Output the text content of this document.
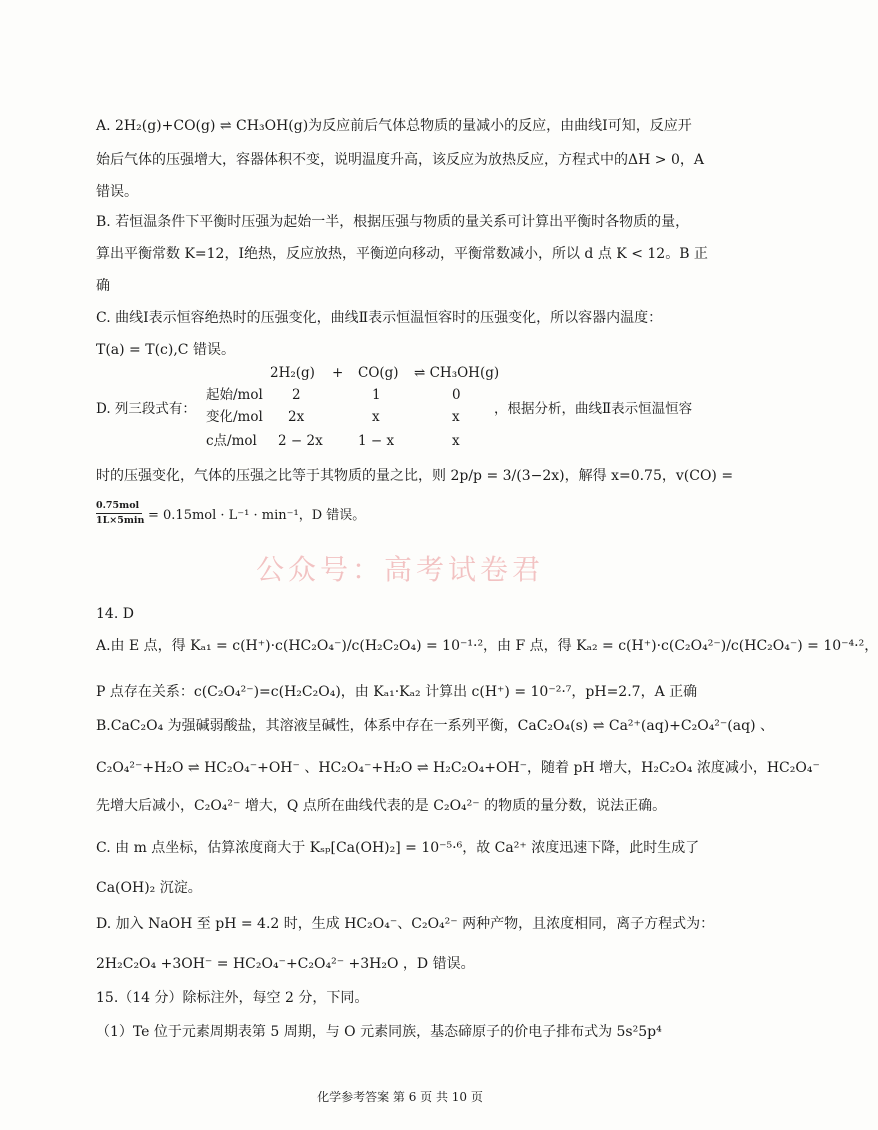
A. 2H₂(g)+CO(g) ⇌ CH₃OH(g)为反应前后气体总物质的量减小的反应，由曲线Ⅰ可知，反应开
始后气体的压强增大，容器体积不变，说明温度升高，该反应为放热反应，方程式中的ΔH > 0，A
错误。
B. 若恒温条件下平衡时压强为起始一半，根据压强与物质的量关系可计算出平衡时各物质的量，
算出平衡常数 K=12，Ⅰ绝热，反应放热，平衡逆向移动，平衡常数减小，所以 d 点 K < 12。B 正
确
C. 曲线Ⅰ表示恒容绝热时的压强变化，曲线Ⅱ表示恒温恒容时的压强变化，所以容器内温度：
T(a) = T(c),C 错误。
时的压强变化，气体的压强之比等于其物质的量之比，则 2p/p = 3/(3−2x)，解得 x=0.75，v(CO) =
14. D
A.由 E 点，得 Kₐ₁ = c(H⁺)·c(HC₂O₄⁻)/c(H₂C₂O₄) = 10⁻¹·²，由 F 点，得 Kₐ₂ = c(H⁺)·c(C₂O₄²⁻)/c(HC₂O₄⁻) = 10⁻⁴·²，
P 点存在关系：c(C₂O₄²⁻)=c(H₂C₂O₄)，由 Kₐ₁·Kₐ₂ 计算出 c(H⁺) = 10⁻²·⁷，pH=2.7，A 正确
B.CaC₂O₄ 为强碱弱酸盐，其溶液呈碱性，体系中存在一系列平衡，CaC₂O₄(s) ⇌ Ca²⁺(aq)+C₂O₄²⁻(aq) 、
C₂O₄²⁻+H₂O ⇌ HC₂O₄⁻+OH⁻ 、HC₂O₄⁻+H₂O ⇌ H₂C₂O₄+OH⁻，随着 pH 增大，H₂C₂O₄ 浓度减小，HC₂O₄⁻
先增大后减小，C₂O₄²⁻ 增大，Q 点所在曲线代表的是 C₂O₄²⁻ 的物质的量分数，说法正确。
C. 由 m 点坐标，估算浓度商大于 Kₛₚ[Ca(OH)₂] = 10⁻⁵·⁶，故 Ca²⁺ 浓度迅速下降，此时生成了
Ca(OH)₂ 沉淀。
D. 加入 NaOH 至 pH = 4.2 时，生成 HC₂O₄⁻、C₂O₄²⁻ 两种产物，且浓度相同，离子方程式为：
2H₂C₂O₄ +3OH⁻ = HC₂O₄⁻+C₂O₄²⁻ +3H₂O ，D 错误。
15.（14 分）除标注外，每空 2 分，下同。
（1）Te 位于元素周期表第 5 周期，与 O 元素同族，基态碲原子的价电子排布式为 5s²5p⁴
D. 列三段式有：
2H₂(g) + CO(g) ⇌ CH₃OH(g)
起始/mol 2	1	0
变化/mol 2x	x	x
c点/mol 2 − 2x	1 − x	x
，根据分析，曲线Ⅱ表示恒温恒容
0.75mol
1L×5min = 0.15mol · L⁻¹ · min⁻¹，D 错误。
公众号：高考试卷君
化学参考答案 第 6 页 共 10 页
